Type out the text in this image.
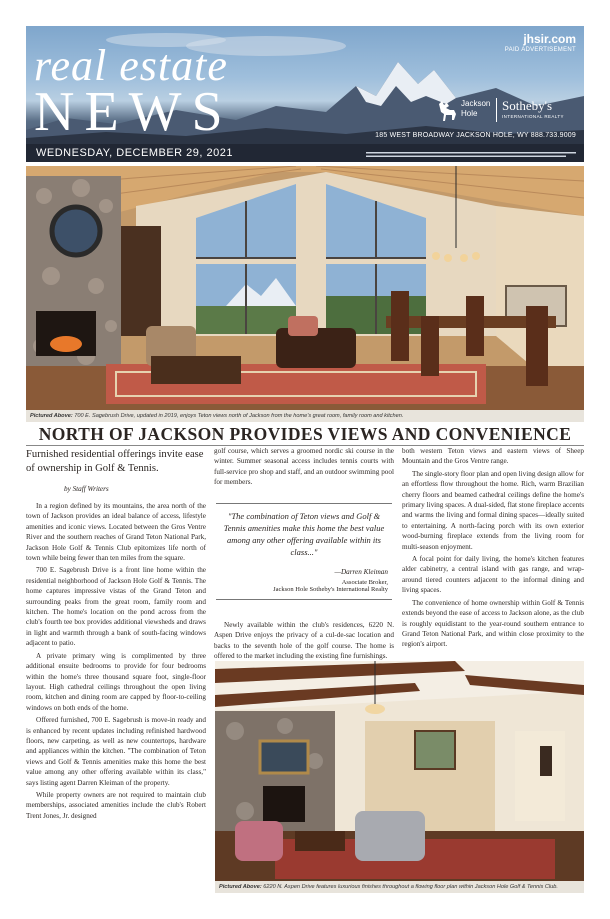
jhsir.com
PAID ADVERTISEMENT
real estate
NEWS	Jackson
Hole
Sotheby's
INTERNATIONAL REALTY
185 WEST BROADWAY JACKSON HOLE, WY 888.733.9009
WEDNESDAY, DECEMBER 29, 2021
Pictured Above: 700 E. Sagebrush Drive, updated in 2019, enjoys Teton views north of Jackson from the home's great room, family room and kitchen.
NORTH OF JACKSON PROVIDES VIEWS AND CONVENIENCE
Furnished residential offerings invite ease of ownership in Golf & Tennis.
by Staff Writers

In a region defined by its mountains, the area north of the town of Jackson provides an ideal balance of access, lifestyle amenities and iconic views. Located between the Gros Ventre River and the southern reaches of Grand Teton National Park, Jackson Hole Golf & Tennis Club epitomizes life north of town while being fewer than ten miles from the square.

700 E. Sagebrush Drive is a front line home within the residential neighborhood of Jackson Hole Golf & Tennis. The home captures impressive vistas of the Grand Teton and surrounding peaks from the great room, family room and kitchen. The home's location on the pond across from the club's fourth tee box provides additional viewsheds and draws in light and warmth through a bank of south-facing windows adjacent to patio.

A private primary wing is complimented by three additional ensuite bedrooms to provide for four bedrooms within the home's three thousand square foot, single-floor layout. High cathedral ceilings throughout the open living room, kitchen and dining room are capped by floor-to-ceiling windows on both ends of the home.

Offered furnished, 700 E. Sagebrush is move-in ready and is enhanced by recent updates including refinished hardwood floors, new carpeting, as well as new countertops, hardware and appliances within the kitchen. "The combination of Teton views and Golf & Tennis amenities make this home the best value among any other offering available within its class," says listing agent Darren Kleiman of the property.

While property owners are not required to maintain club memberships, associated amenities include the club's Robert Trent Jones, Jr. designed

golf course, which serves a groomed nordic ski course in the winter. Summer seasonal access includes tennis courts with full-service pro shop and staff, and an outdoor swimming pool for members.

"The combination of Teton views and Golf & Tennis amenities make this home the best value among any other offering available within its class..."
—Darren Kleiman
Associate Broker,
Jackson Hole Sotheby's International Realty

Newly available within the club's residences, 6220 N. Aspen Drive enjoys the privacy of a cul-de-sac location and backs to the seventh hole of the golf course. The home is offered to the market including the existing fine furnishings.

both western Teton views and eastern views of Sheep Mountain and the Gros Ventre range.

The single-story floor plan and open living design allow for an effortless flow throughout the home. Rich, warm Brazilian cherry floors and beamed cathedral ceilings define the home's primary living spaces. A dual-sided, flat stone fireplace accents and warms the living and formal dining spaces—ideally suited to entertaining. A north-facing porch with its own exterior wood-burning fireplace extends from the living room for multi-season enjoyment.

A focal point for daily living, the home's kitchen features alder cabinetry, a central island with gas range, and wrap-around tiered counters adjacent to the informal dining and living spaces.

The convenience of home ownership within Golf & Tennis extends beyond the ease of access to Jackson alone, as the club is roughly equidistant to the year-round southern entrance to Grand Teton National Park, and within close proximity to the region's airport.

Pictured Above: 6220 N. Aspen Drive features luxurious finishes throughout a flowing floor plan within Jackson Hole Golf & Tennis Club.
